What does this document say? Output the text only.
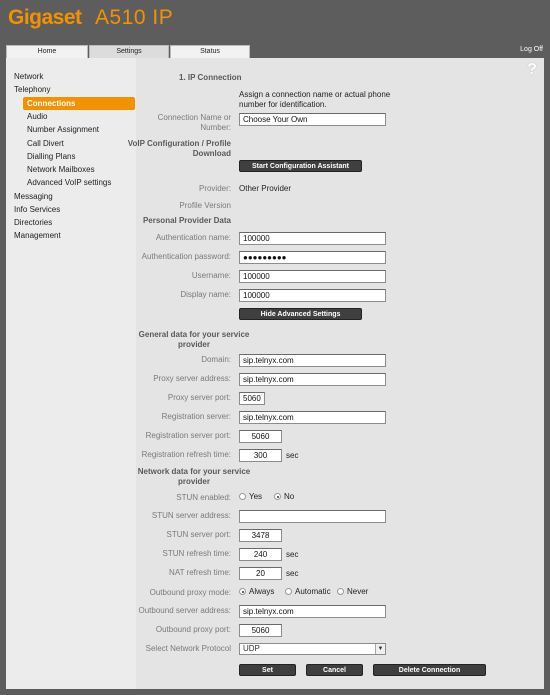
Gigaset A510 IP
Home	Settings	Status	Log Off
Network
Telephony
Connections
Audio
Number Assignment
Call Divert
Dialling Plans
Network Mailboxes
Advanced VoIP settings
Messaging
Info Services
Directories
Management
?
1. IP Connection
Assign a connection name or actual phone number for identification.
Connection Name or Number:
Choose Your Own
VoIP Configuration / Profile Download
Start Configuration Assistant
Provider: Other Provider
Profile Version
Personal Provider Data
Authentication name:	100000
Authentication password:	●●●●●●●●●
Username:	100000
Display name:	100000
Hide Advanced Settings
General data for your service provider
Domain:	sip.telnyx.com
Proxy server address:	sip.telnyx.com
Proxy server port:	5060
Registration server:	sip.telnyx.com
Registration server port:	5060
Registration refresh time:	300	sec
Network data for your service provider
STUN enabled: Yes	No
STUN server address:
STUN server port:	3478
STUN refresh time:	240	sec
NAT refresh time:	20	sec
Outbound proxy mode: Always	Automatic Never
Outbound server address:	sip.telnyx.com
Outbound proxy port:	5060
Select Network Protocol	UDP	▼
Set	Cancel	Delete Connection
